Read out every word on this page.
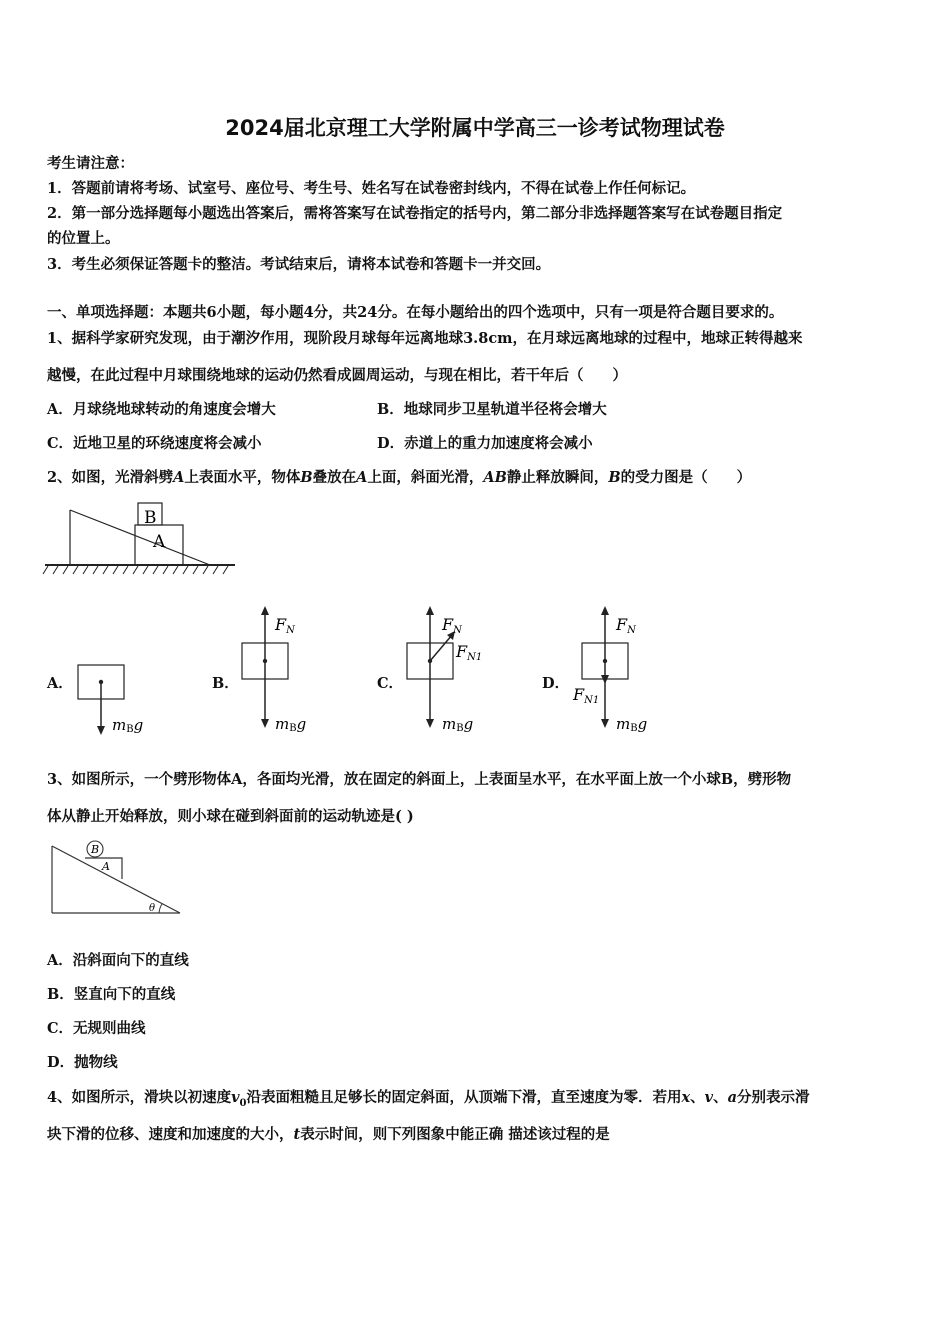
2024届北京理工大学附属中学高三一诊考试物理试卷
考生请注意：
1．答题前请将考场、试室号、座位号、考生号、姓名写在试卷密封线内，不得在试卷上作任何标记。
2．第一部分选择题每小题选出答案后，需将答案写在试卷指定的括号内，第二部分非选择题答案写在试卷题目指定
的位置上。
3．考生必须保证答题卡的整洁。考试结束后，请将本试卷和答题卡一并交回。
一、单项选择题：本题共6小题，每小题4分，共24分。在每小题给出的四个选项中，只有一项是符合题目要求的。
1、据科学家研究发现，由于潮汐作用，现阶段月球每年远离地球3.8cm，在月球远离地球的过程中，地球正转得越来
越慢，在此过程中月球围绕地球的运动仍然看成圆周运动，与现在相比，若干年后（　　）
A．月球绕地球转动的角速度会增大	B．地球同步卫星轨道半径将会增大
C．近地卫星的环绕速度将会减小	D．赤道上的重力加速度将会减小
2、如图，光滑斜劈A上表面水平，物体B叠放在A上面，斜面光滑，AB静止释放瞬间，B的受力图是（　　）
B
A
A．	B．	C．	D．
mBg
FN
mBg
FN
FN1
mBg
FN
FN1
mBg
3、如图所示，一个劈形物体A，各面均光滑，放在固定的斜面上，上表面呈水平，在水平面上放一个小球B，劈形物
体从静止开始释放，则小球在碰到斜面前的运动轨迹是( )
B
A
θ
A．沿斜面向下的直线
B．竖直向下的直线
C．无规则曲线
D．抛物线
4、如图所示，滑块以初速度$v_0$沿表面粗糙且足够长的固定斜面，从顶端下滑，直至速度为零．若用x、v、a分别表示滑
块下滑的位移、速度和加速度的大小，t表示时间，则下列图象中能正确 描述该过程的是
